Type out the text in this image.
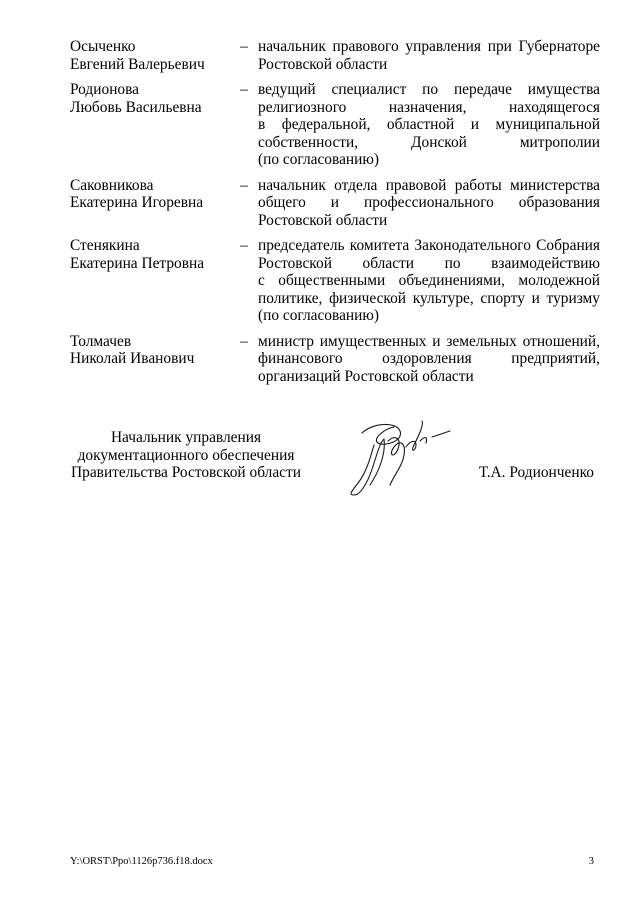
Осыченко
Евгений Валерьевич
– начальник правового управления при Губернаторе
Ростовской области
Родионова
Любовь Васильевна
– ведущий специалист по передаче имущества
религиозного назначения, находящегося
в федеральной, областной и муниципальной
собственности, Донской митрополии
(по согласованию)
Саковникова
Екатерина Игоревна
– начальник отдела правовой работы министерства
общего и профессионального образования
Ростовской области
Стенякина
Екатерина Петровна
– председатель комитета Законодательного Собрания
Ростовской области по взаимодействию
с общественными объединениями, молодежной
политике, физической культуре, спорту и туризму
(по согласованию)
Толмачев
Николай Иванович
– министр имущественных и земельных отношений,
финансового оздоровления предприятий,
организаций Ростовской области
Начальник управления
документационного обеспечения
Правительства Ростовской области	Т.А. Родионченко
Y:\ORST\Ppo\1126p736.f18.docx	3
